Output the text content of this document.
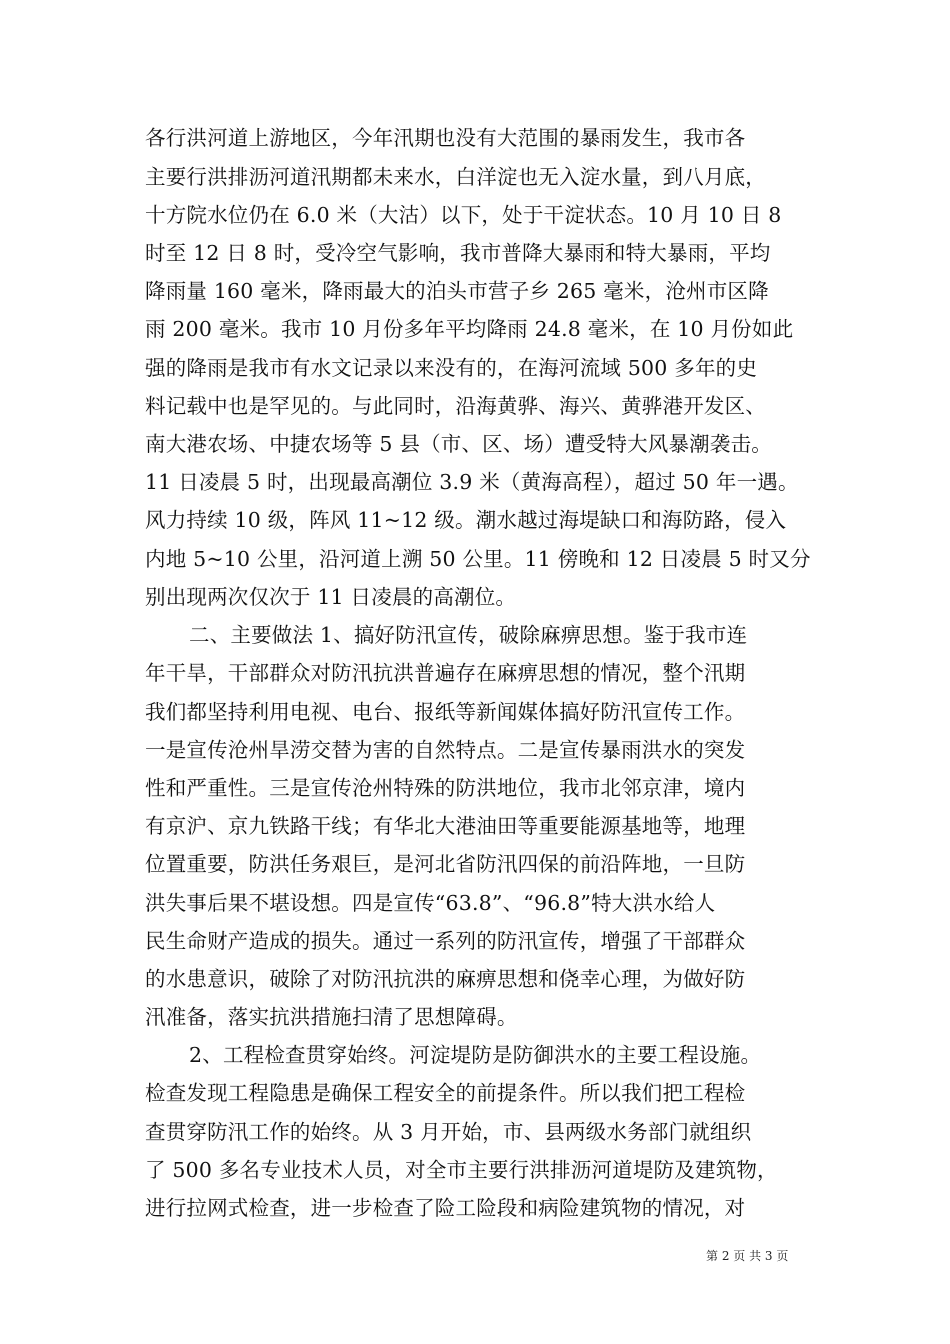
各行洪河道上游地区，今年汛期也没有大范围的暴雨发生，我市各
主要行洪排沥河道汛期都未来水，白洋淀也无入淀水量，到八月底，
十方院水位仍在 6.0 米（大沽）以下，处于干淀状态。10 月 10 日 8
时至 12 日 8 时，受冷空气影响，我市普降大暴雨和特大暴雨，平均
降雨量 160 毫米，降雨最大的泊头市营子乡 265 毫米，沧州市区降
雨 200 毫米。我市 10 月份多年平均降雨 24.8 毫米，在 10 月份如此
强的降雨是我市有水文记录以来没有的，在海河流域 500 多年的史
料记载中也是罕见的。与此同时，沿海黄骅、海兴、黄骅港开发区、
南大港农场、中捷农场等 5 县（市、区、场）遭受特大风暴潮袭击。
11 日凌晨 5 时，出现最高潮位 3.9 米（黄海高程），超过 50 年一遇。
风力持续 10 级，阵风 11~12 级。潮水越过海堤缺口和海防路，侵入
内地 5~10 公里，沿河道上溯 50 公里。11 傍晚和 12 日凌晨 5 时又分
别出现两次仅次于 11 日凌晨的高潮位。
二、主要做法 1、搞好防汛宣传，破除麻痹思想。鉴于我市连
年干旱，干部群众对防汛抗洪普遍存在麻痹思想的情况，整个汛期
我们都坚持利用电视、电台、报纸等新闻媒体搞好防汛宣传工作。
一是宣传沧州旱涝交替为害的自然特点。二是宣传暴雨洪水的突发
性和严重性。三是宣传沧州特殊的防洪地位，我市北邻京津，境内
有京沪、京九铁路干线；有华北大港油田等重要能源基地等，地理
位置重要，防洪任务艰巨，是河北省防汛四保的前沿阵地，一旦防
洪失事后果不堪设想。四是宣传“63.8”、“96.8”特大洪水给人
民生命财产造成的损失。通过一系列的防汛宣传，增强了干部群众
的水患意识，破除了对防汛抗洪的麻痹思想和侥幸心理，为做好防
汛准备，落实抗洪措施扫清了思想障碍。
2、工程检查贯穿始终。河淀堤防是防御洪水的主要工程设施。
检查发现工程隐患是确保工程安全的前提条件。所以我们把工程检
查贯穿防汛工作的始终。从 3 月开始，市、县两级水务部门就组织
了 500 多名专业技术人员，对全市主要行洪排沥河道堤防及建筑物，
进行拉网式检查，进一步检查了险工险段和病险建筑物的情况，对
第 2 页 共 3 页
